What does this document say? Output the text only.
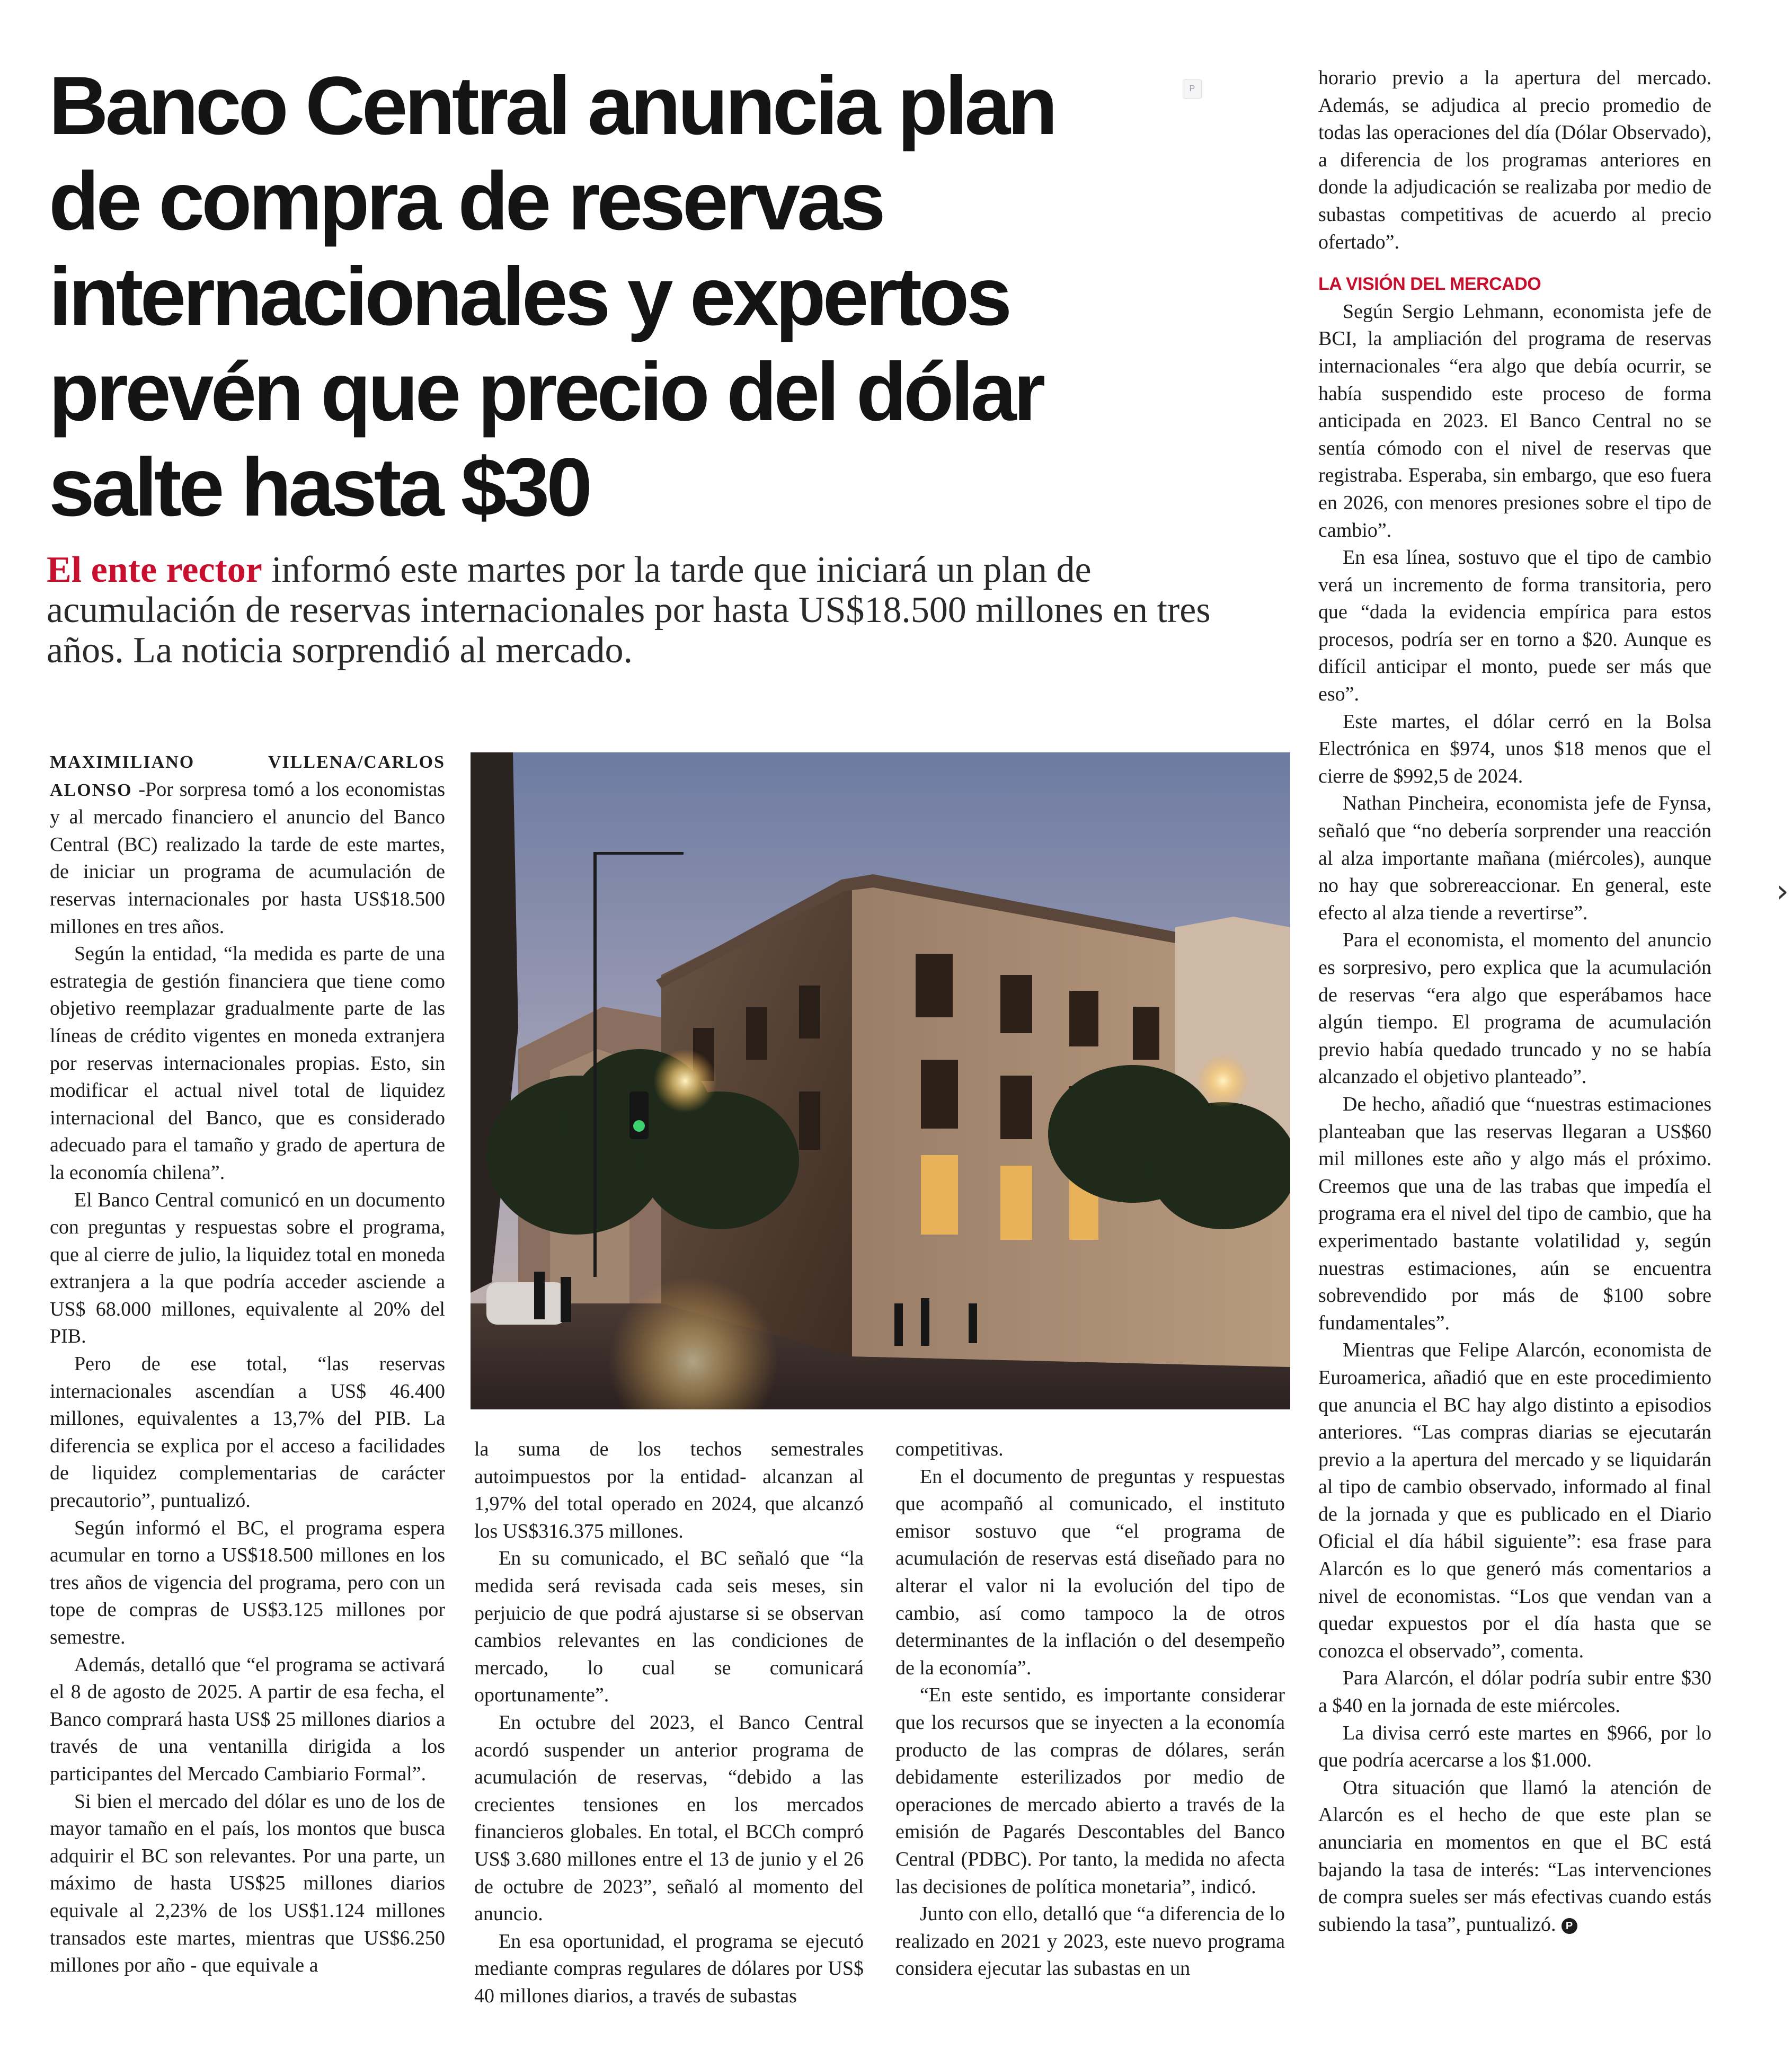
Banco Central anuncia plan de compra de reservas internacionales y expertos prevén que precio del dólar salte hasta $30

El ente rector informó este martes por la tarde que iniciará un plan de acumulación de reservas internacionales por hasta US$18.500 millones en tres años. La noticia sorprendió al mercado.

P
›

MAXIMILIANO VILLENA/CARLOS ALONSO -Por sorpresa tomó a los economistas y al mercado financiero el anuncio del Banco Central (BC) realizado la tarde de este martes, de iniciar un programa de acumulación de reservas internacionales por hasta US$18.500 millones en tres años.

Según la entidad, “la medida es parte de una estrategia de gestión financiera que tiene como objetivo reemplazar gradualmente parte de las líneas de crédito vigentes en moneda extranjera por reservas internacionales propias. Esto, sin modificar el actual nivel total de liquidez internacional del Banco, que es considerado adecuado para el tamaño y grado de apertura de la economía chilena”.

El Banco Central comunicó en un documento con preguntas y respuestas sobre el programa, que al cierre de julio, la liquidez total en moneda extranjera a la que podría acceder asciende a US$ 68.000 millones, equivalente al 20% del PIB.

Pero de ese total, “las reservas internacionales ascendían a US$ 46.400 millones, equivalentes a 13,7% del PIB. La diferencia se explica por el acceso a facilidades de liquidez complementarias de carácter precautorio”, puntualizó.

Según informó el BC, el programa espera acumular en torno a US$18.500 millones en los tres años de vigencia del programa, pero con un tope de compras de US$3.125 millones por semestre.

Además, detalló que “el programa se activará el 8 de agosto de 2025. A partir de esa fecha, el Banco comprará hasta US$ 25 millones diarios a través de una ventanilla dirigida a los participantes del Mercado Cambiario Formal”.

Si bien el mercado del dólar es uno de los de mayor tamaño en el país, los montos que busca adquirir el BC son relevantes. Por una parte, un máximo de hasta US$25 millones diarios equivale al 2,23% de los US$1.124 millones transados este martes, mientras que US$6.250 millones por año - que equivale a

la suma de los techos semestrales autoimpuestos por la entidad- alcanzan al 1,97% del total operado en 2024, que alcanzó los US$316.375 millones.

En su comunicado, el BC señaló que “la medida será revisada cada seis meses, sin perjuicio de que podrá ajustarse si se observan cambios relevantes en las condiciones de mercado, lo cual se comunicará oportunamente”.

En octubre del 2023, el Banco Central acordó suspender un anterior programa de acumulación de reservas, “debido a las crecientes tensiones en los mercados financieros globales. En total, el BCCh compró US$ 3.680 millones entre el 13 de junio y el 26 de octubre de 2023”, señaló al momento del anuncio.

En esa oportunidad, el programa se ejecutó mediante compras regulares de dólares por US$ 40 millones diarios, a través de subastas

competitivas.

En el documento de preguntas y respuestas que acompañó al comunicado, el instituto emisor sostuvo que “el programa de acumulación de reservas está diseñado para no alterar el valor ni la evolución del tipo de cambio, así como tampoco la de otros determinantes de la inflación o del desempeño de la economía”.

“En este sentido, es importante considerar que los recursos que se inyecten a la economía producto de las compras de dólares, serán debidamente esterilizados por medio de operaciones de mercado abierto a través de la emisión de Pagarés Descontables del Banco Central (PDBC). Por tanto, la medida no afecta las decisiones de política monetaria”, indicó.

Junto con ello, detalló que “a diferencia de lo realizado en 2021 y 2023, este nuevo programa considera ejecutar las subastas en un

horario previo a la apertura del mercado. Además, se adjudica al precio promedio de todas las operaciones del día (Dólar Observado), a diferencia de los programas anteriores en donde la adjudicación se realizaba por medio de subastas competitivas de acuerdo al precio ofertado”.

LA VISIÓN DEL MERCADO

Según Sergio Lehmann, economista jefe de BCI, la ampliación del programa de reservas internacionales “era algo que debía ocurrir, se había suspendido este proceso de forma anticipada en 2023. El Banco Central no se sentía cómodo con el nivel de reservas que registraba. Esperaba, sin embargo, que eso fuera en 2026, con menores presiones sobre el tipo de cambio”.

En esa línea, sostuvo que el tipo de cambio verá un incremento de forma transitoria, pero que “dada la evidencia empírica para estos procesos, podría ser en torno a $20. Aunque es difícil anticipar el monto, puede ser más que eso”.

Este martes, el dólar cerró en la Bolsa Electrónica en $974, unos $18 menos que el cierre de $992,5 de 2024.

Nathan Pincheira, economista jefe de Fynsa, señaló que “no debería sorprender una reacción al alza importante mañana (miércoles), aunque no hay que sobrereaccionar. En general, este efecto al alza tiende a revertirse”.

Para el economista, el momento del anuncio es sorpresivo, pero explica que la acumulación de reservas “era algo que esperábamos hace algún tiempo. El programa de acumulación previo había quedado truncado y no se había alcanzado el objetivo planteado”.

De hecho, añadió que “nuestras estimaciones planteaban que las reservas llegaran a US$60 mil millones este año y algo más el próximo. Creemos que una de las trabas que impedía el programa era el nivel del tipo de cambio, que ha experimentado bastante volatilidad y, según nuestras estimaciones, aún se encuentra sobrevendido por más de $100 sobre fundamentales”.

Mientras que Felipe Alarcón, economista de Euroamerica, añadió que en este procedimiento que anuncia el BC hay algo distinto a episodios anteriores. “Las compras diarias se ejecutarán previo a la apertura del mercado y se liquidarán al tipo de cambio observado, informado al final de la jornada y que es publicado en el Diario Oficial el día hábil siguiente”: esa frase para Alarcón es lo que generó más comentarios a nivel de economistas. “Los que vendan van a quedar expuestos por el día hasta que se conozca el observado”, comenta.

Para Alarcón, el dólar podría subir entre $30 a $40 en la jornada de este miércoles.

La divisa cerró este martes en $966, por lo que podría acercarse a los $1.000.

Otra situación que llamó la atención de Alarcón es el hecho de que este plan se anunciaria en momentos en que el BC está bajando la tasa de interés: “Las intervenciones de compra sueles ser más efectivas cuando estás subiendo la tasa”, puntualizó. P
